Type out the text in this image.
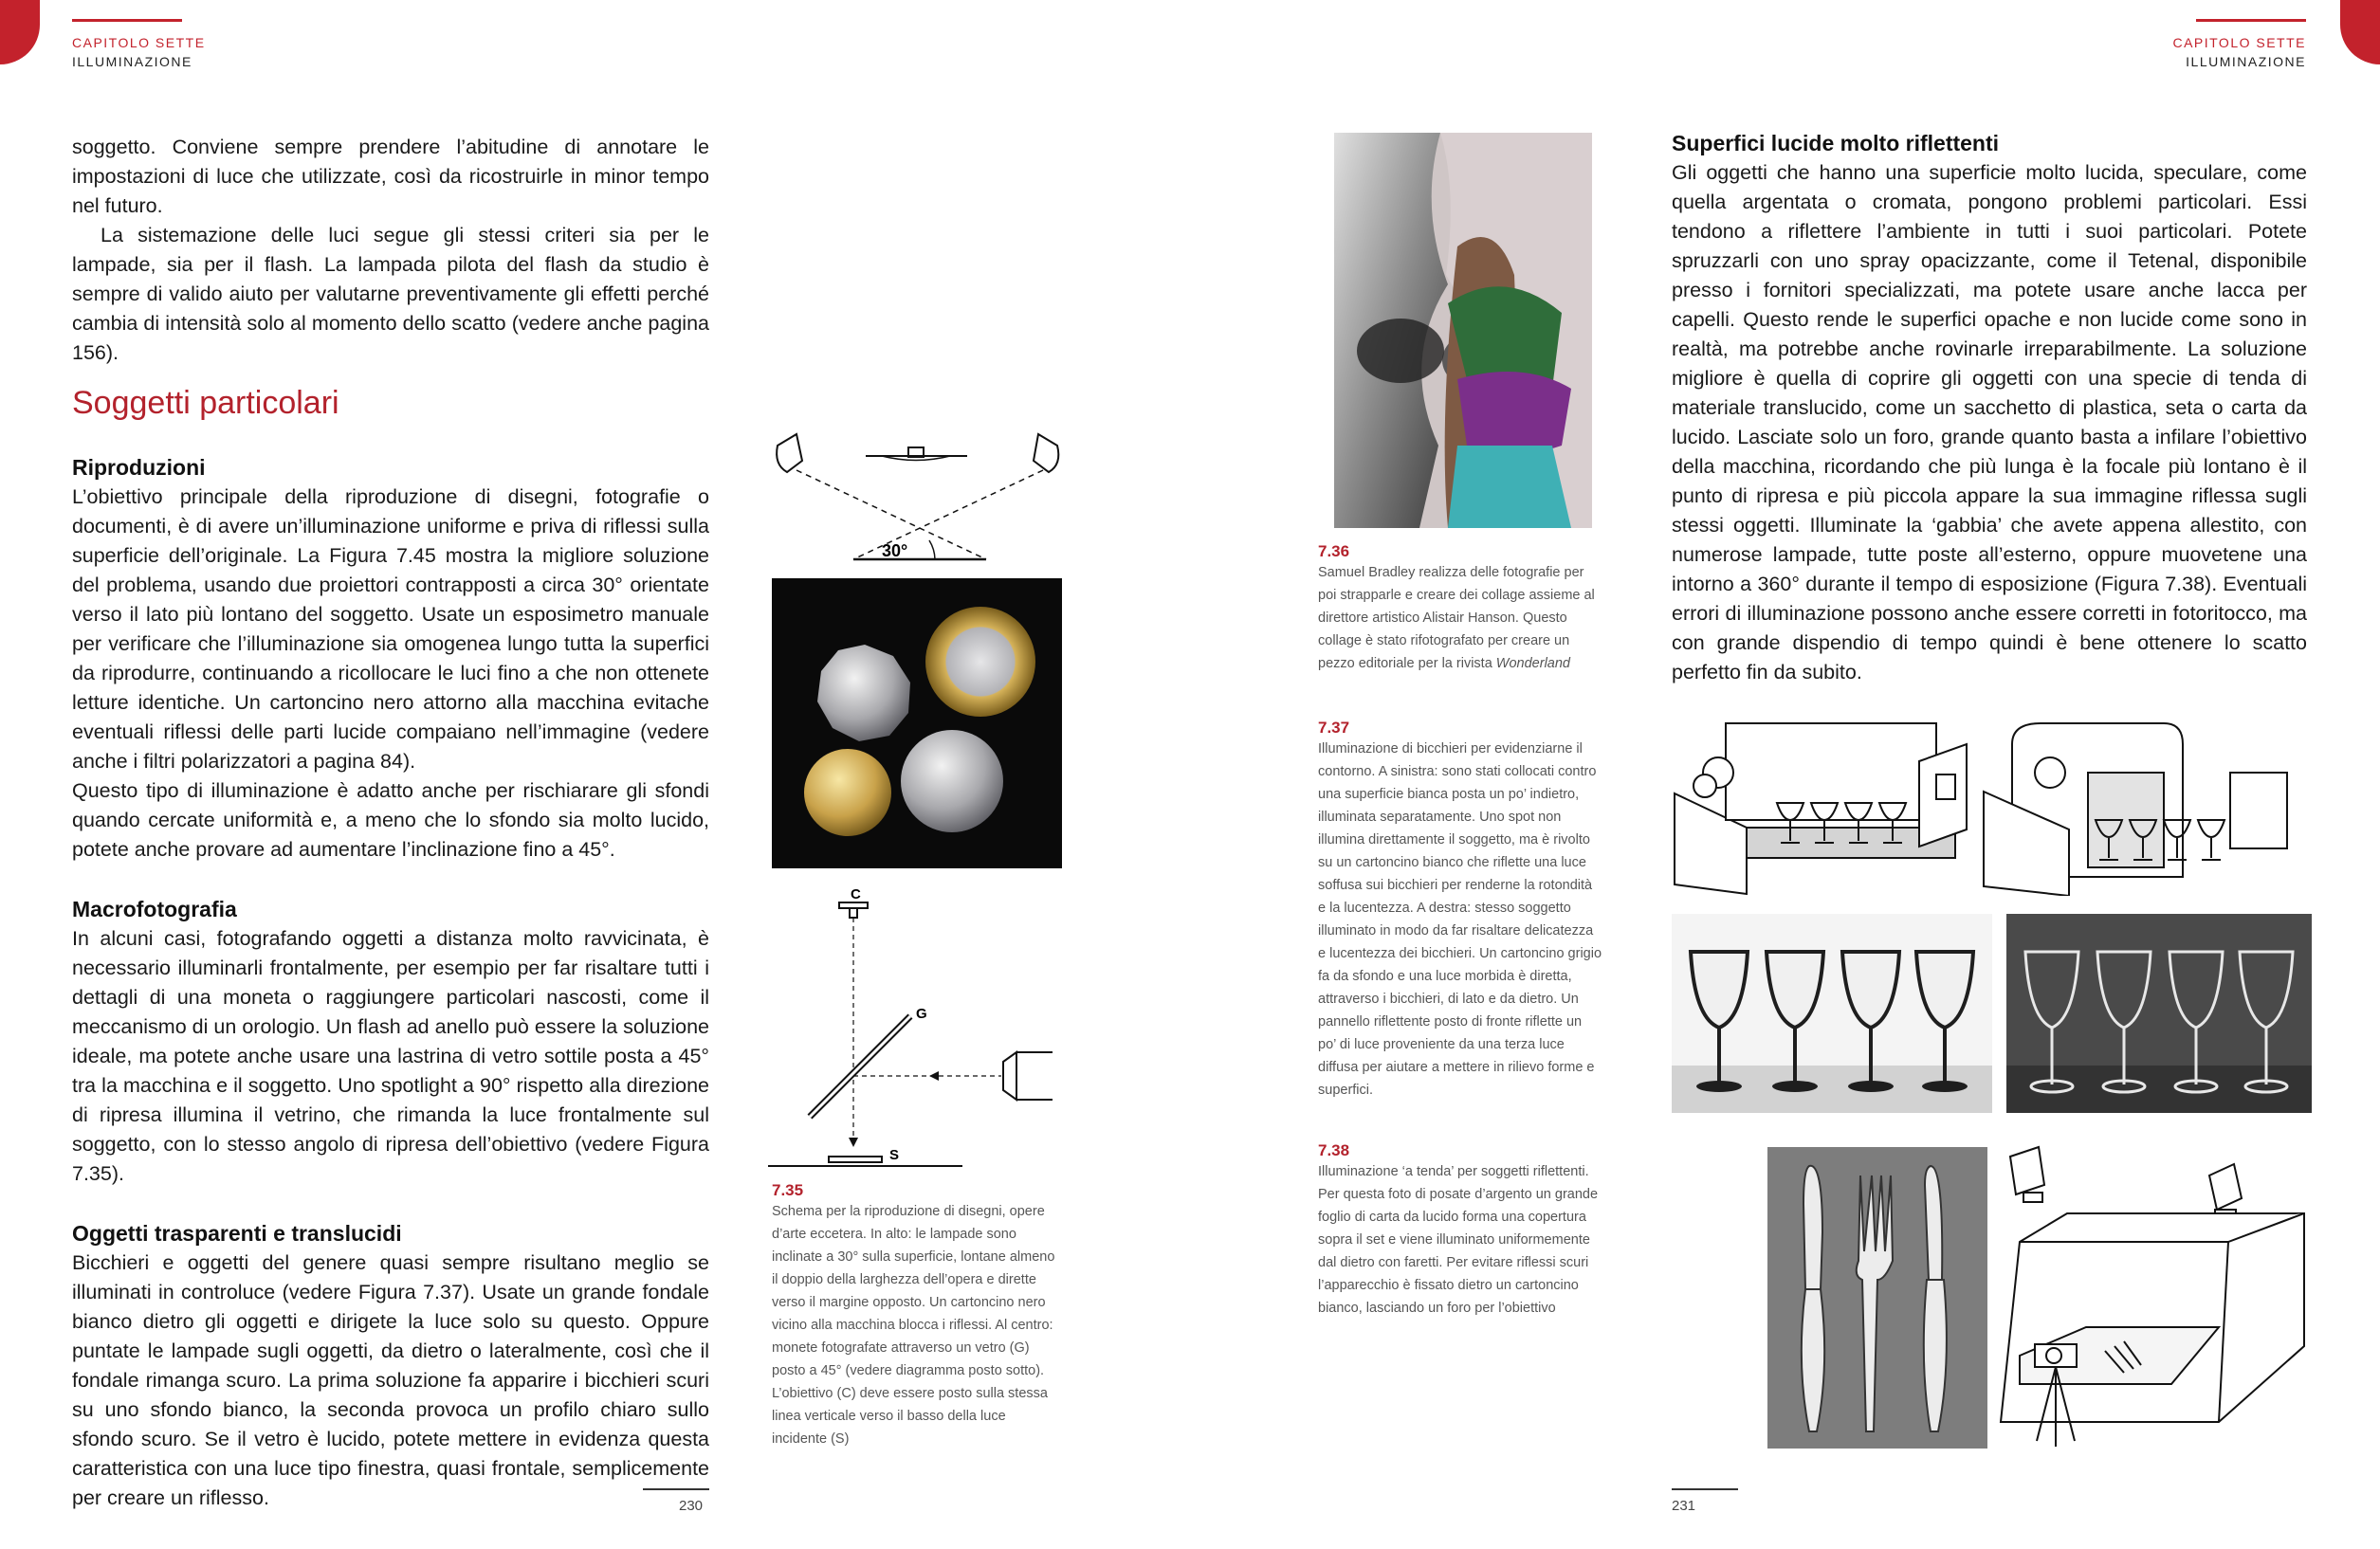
CAPITOLO SETTE
ILLUMINAZIONE
CAPITOLO SETTE
ILLUMINAZIONE

soggetto. Conviene sempre prendere l’abitudine di annotare le impostazioni di luce che utilizzate, così da ricostruirle in minor tempo nel futuro.

La sistemazione delle luci segue gli stessi criteri sia per le lampade, sia per il flash. La lampada pilota del flash da studio è sempre di valido aiuto per valutarne preventivamente gli effetti perché cambia di intensità solo al momento dello scatto (vedere anche pagina 156).

Soggetti particolari
Riproduzioni

L’obiettivo principale della riproduzione di disegni, fotografie o documenti, è di avere un’illuminazione uniforme e priva di riflessi sulla superficie dell’originale. La Figura 7.45 mostra la migliore soluzione del problema, usando due proiettori contrapposti a circa 30° orientate verso il lato più lontano del soggetto. Usate un esposimetro manuale per verificare che l’illuminazione sia omogenea lungo tutta la superfici da riprodurre, continuando a ricollocare le luci fino a che non ottenete letture identiche. Un cartoncino nero attorno alla macchina evitache eventuali riflessi delle parti lucide compaiano nell’immagine (vedere anche i filtri polarizzatori a pagina 84).

Questo tipo di illuminazione è adatto anche per rischiarare gli sfondi quando cercate uniformità e, a meno che lo sfondo sia molto lucido, potete anche provare ad aumentare l’inclinazione fino a 45°.

Macrofotografia

In alcuni casi, fotografando oggetti a distanza molto ravvicinata, è necessario illuminarli frontalmente, per esempio per far risaltare tutti i dettagli di una moneta o raggiungere particolari nascosti, come il meccanismo di un orologio. Un flash ad anello può essere la soluzione ideale, ma potete anche usare una lastrina di vetro sottile posta a 45° tra la macchina e il soggetto. Uno spotlight a 90° rispetto alla direzione di ripresa illumina il vetrino, che rimanda la luce frontalmente sul soggetto, con lo stesso angolo di ripresa dell’obiettivo (vedere Figura 7.35).

Oggetti trasparenti e translucidi

Bicchieri e oggetti del genere quasi sempre risultano meglio se illuminati in controluce (vedere Figura 7.37). Usate un grande fondale bianco dietro gli oggetti e dirigete la luce solo su questo. Oppure puntate le lampade sugli oggetti, da dietro o lateralmente, così che il fondale rimanga scuro. La prima soluzione fa apparire i bicchieri scuri su uno sfondo bianco, la seconda provoca un profilo chiaro sullo sfondo scuro. Se il vetro è lucido, potete mettere in evidenza questa caratteristica con una luce tipo finestra, quasi frontale, semplicemente per creare un riflesso.	230
30°
C
G
S
7.35
Schema per la riproduzione di disegni, opere d’arte eccetera. In alto: le lampade sono inclinate a 30° sulla superficie, lontane almeno il doppio della larghezza dell’opera e dirette verso il margine opposto. Un cartoncino nero vicino alla macchina blocca i riflessi. Al centro: monete fotografate attraverso un vetro (G) posto a 45° (vedere diagramma posto sotto). L’obiettivo (C) deve essere posto sulla stessa linea verticale verso il basso della luce incidente (S)
7.36
Samuel Bradley realizza delle fotografie per poi strapparle e creare dei collage assieme al direttore artistico Alistair Hanson. Questo collage è stato rifotografato per creare un pezzo editoriale per la rivista Wonderland
7.37
Illuminazione di bicchieri per evidenziarne il contorno. A sinistra: sono stati collocati contro una superficie bianca posta un po’ indietro, illuminata separatamente. Uno spot non illumina direttamente il soggetto, ma è rivolto su un cartoncino bianco che riflette una luce soffusa sui bicchieri per renderne la rotondità e la lucentezza. A destra: stesso soggetto illuminato in modo da far risaltare delicatezza e lucentezza dei bicchieri. Un cartoncino grigio fa da sfondo e una luce morbida è diretta, attraverso i bicchieri, di lato e da dietro. Un pannello riflettente posto di fronte riflette un po’ di luce proveniente da una terza luce diffusa per aiutare a mettere in rilievo forme e superfici.
7.38
Illuminazione ‘a tenda’ per soggetti riflettenti. Per questa foto di posate d’argento un grande foglio di carta da lucido forma una copertura sopra il set e viene illuminato uniformemente dal dietro con faretti. Per evitare riflessi scuri l’apparecchio è fissato dietro un cartoncino bianco, lasciando un foro per l’obiettivo
Superfici lucide molto riflettenti

Gli oggetti che hanno una superficie molto lucida, speculare, come quella argentata o cromata, pongono problemi particolari. Essi tendono a riflettere l’ambiente in tutti i suoi particolari. Potete spruzzarli con uno spray opacizzante, come il Tetenal, disponibile presso i fornitori specializzati, ma potete usare anche lacca per capelli. Questo rende le superfici opache e non lucide come sono in realtà, ma potrebbe anche rovinarle irreparabilmente. La soluzione migliore è quella di coprire gli oggetti con una specie di tenda di materiale translucido, come un sacchetto di plastica, seta o carta da lucido. Lasciate solo un foro, grande quanto basta a infilare l’obiettivo della macchina, ricordando che più lunga è la focale più lontano è il punto di ripresa e più piccola appare la sua immagine riflessa sugli stessi oggetti. Illuminate la ‘gabbia’ che avete appena allestito, con numerose lampade, tutte poste all’esterno, oppure muovetene una intorno a 360° durante il tempo di esposizione (Figura 7.38). Eventuali errori di illuminazione possono anche essere corretti in fotoritocco, ma con grande dispendio di tempo quindi è bene ottenere lo scatto perfetto fin da subito.

231
